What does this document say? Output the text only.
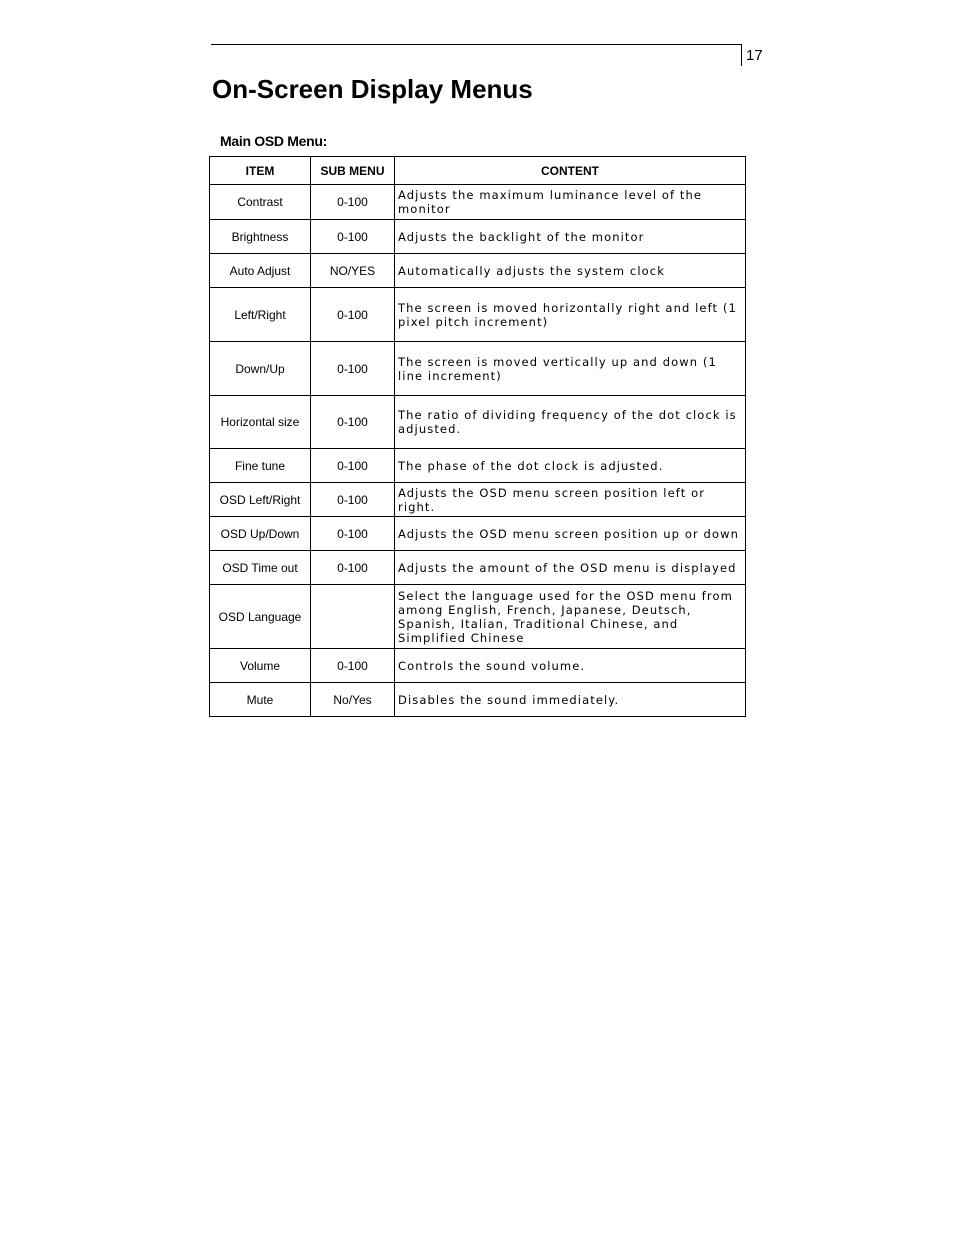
17
On-Screen Display Menus
Main OSD Menu:
ITEM	SUB MENU	CONTENT
Contrast	0-100	Adjusts the maximum luminance level of the monitor

Brightness	0-100	Adjusts the backlight of the monitor

Auto Adjust	NO/YES	Automatically adjusts the system clock

Left/Right	0-100	The screen is moved horizontally right and left (1 pixel pitch increment)

Down/Up	0-100	The screen is moved vertically up and down (1 line increment)

Horizontal size	0-100	The ratio of dividing frequency of the dot clock is adjusted.

Fine tune	0-100	The phase of the dot clock is adjusted.

OSD Left/Right	0-100	Adjusts the OSD menu screen position left or right.

OSD Up/Down	0-100	Adjusts the OSD menu screen position up or down

OSD Time out	0-100	Adjusts the amount of the OSD menu is displayed

OSD Language		Select the language used for the OSD menu from among English, French, Japanese, Deutsch, Spanish, Italian, Traditional Chinese, and Simplified Chinese

Volume	0-100	Controls the sound volume.

Mute	No/Yes	Disables the sound immediately.
